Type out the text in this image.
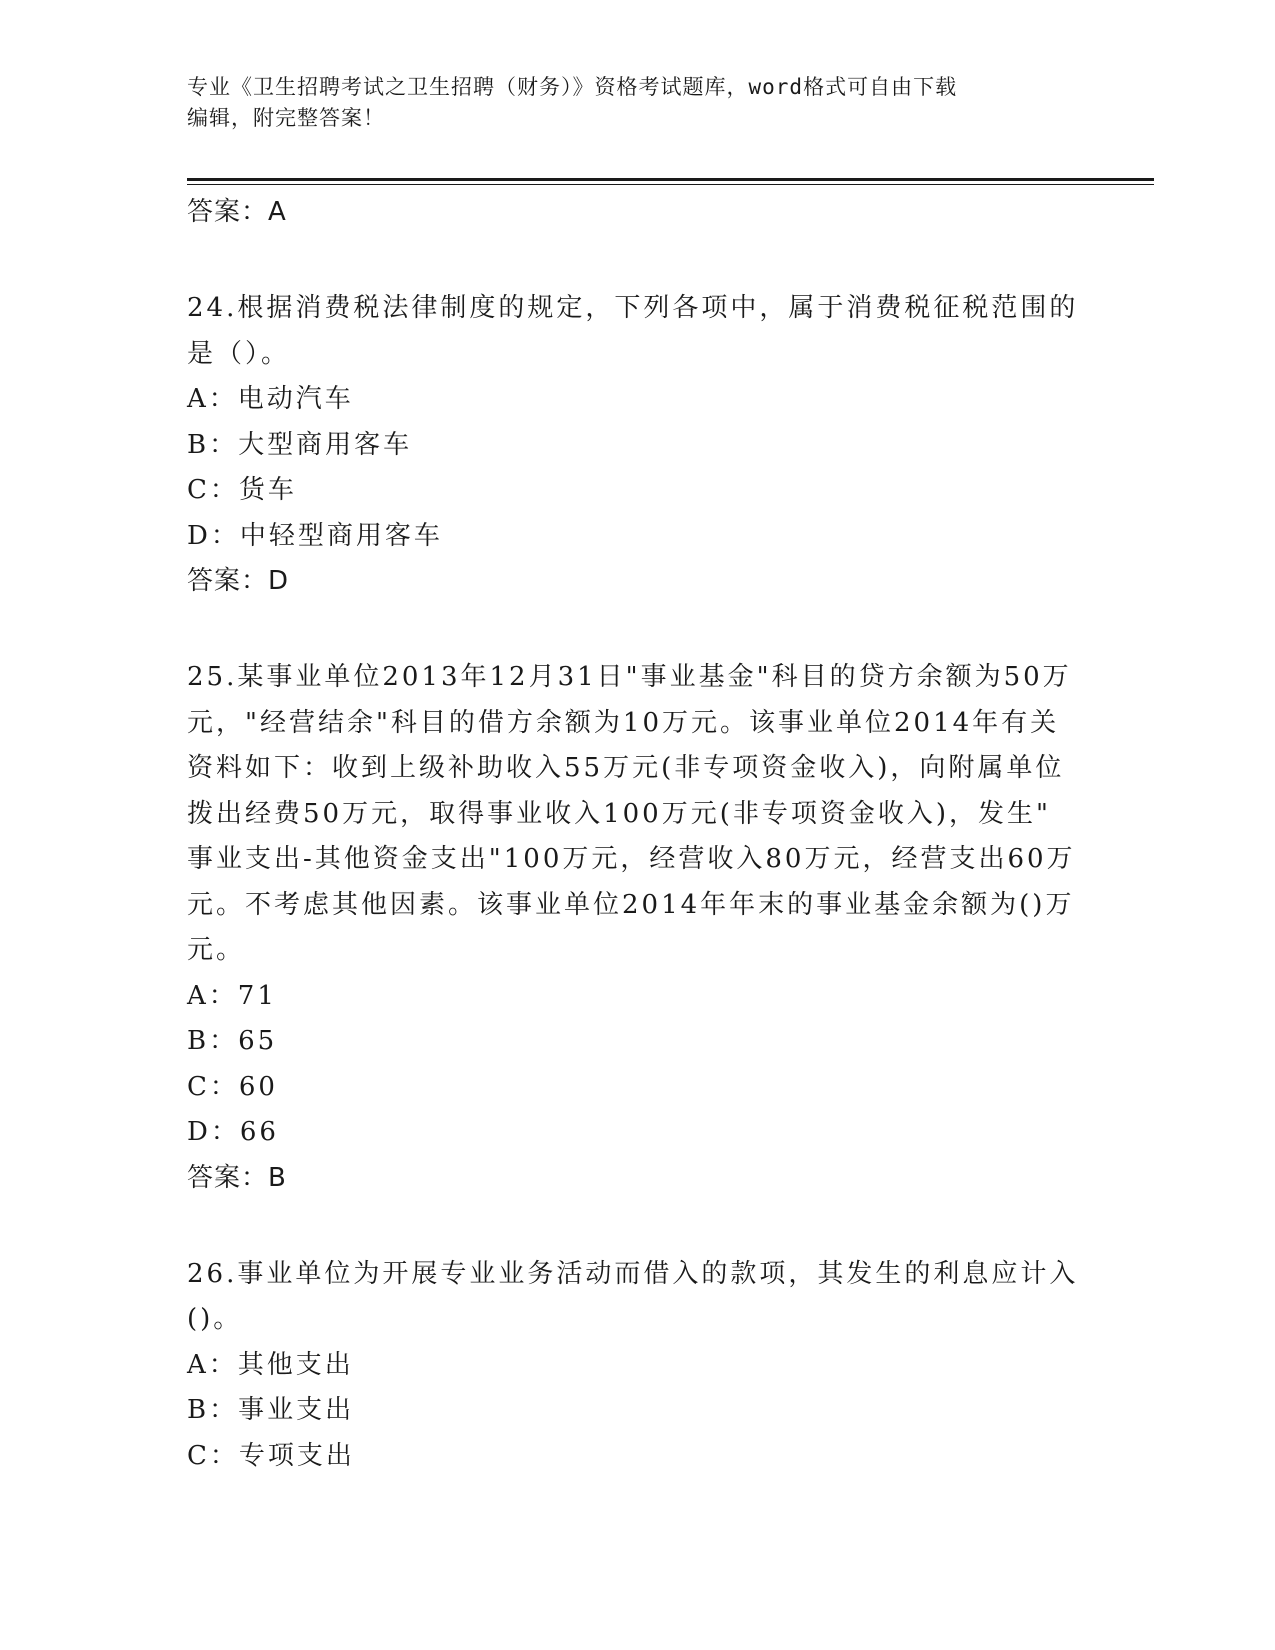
专业《卫生招聘考试之卫生招聘（财务）》资格考试题库，word格式可自由下载
编辑，附完整答案！
答案：A
24.根据消费税法律制度的规定，下列各项中，属于消费税征税范围的
是（）。
A：电动汽车
B：大型商用客车
C：货车
D：中轻型商用客车
答案：D
25.某事业单位2013年12月31日"事业基金"科目的贷方余额为50万
元，"经营结余"科目的借方余额为10万元。该事业单位2014年有关
资料如下：收到上级补助收入55万元(非专项资金收入)，向附属单位
拨出经费50万元，取得事业收入100万元(非专项资金收入)，发生"
事业支出-其他资金支出"100万元，经营收入80万元，经营支出60万
元。不考虑其他因素。该事业单位2014年年末的事业基金余额为()万
元。
A：71
B：65
C：60
D：66
答案：B
26.事业单位为开展专业业务活动而借入的款项，其发生的利息应计入
()。
A：其他支出
B：事业支出
C：专项支出
